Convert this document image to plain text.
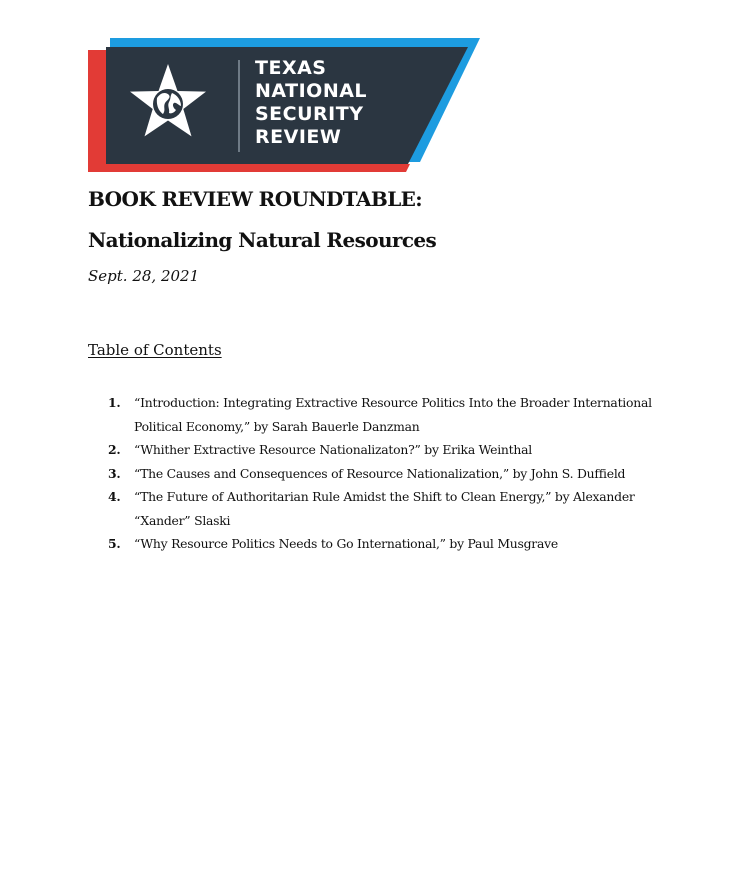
TEXAS
NATIONAL
SECURITY
REVIEW
BOOK REVIEW ROUNDTABLE:
Nationalizing Natural Resources
Sept. 28, 2021
Table of Contents
1.	“Introduction: Integrating Extractive Resource Politics Into the Broader International Political Economy,” by Sarah Bauerle Danzman
2.	“Whither Extractive Resource Nationalizaton?” by Erika Weinthal
3.	“The Causes and Consequences of Resource Nationalization,” by John S. Duffield
4.	“The Future of Authoritarian Rule Amidst the Shift to Clean Energy,” by Alexander “Xander” Slaski
5.	“Why Resource Politics Needs to Go International,” by Paul Musgrave
